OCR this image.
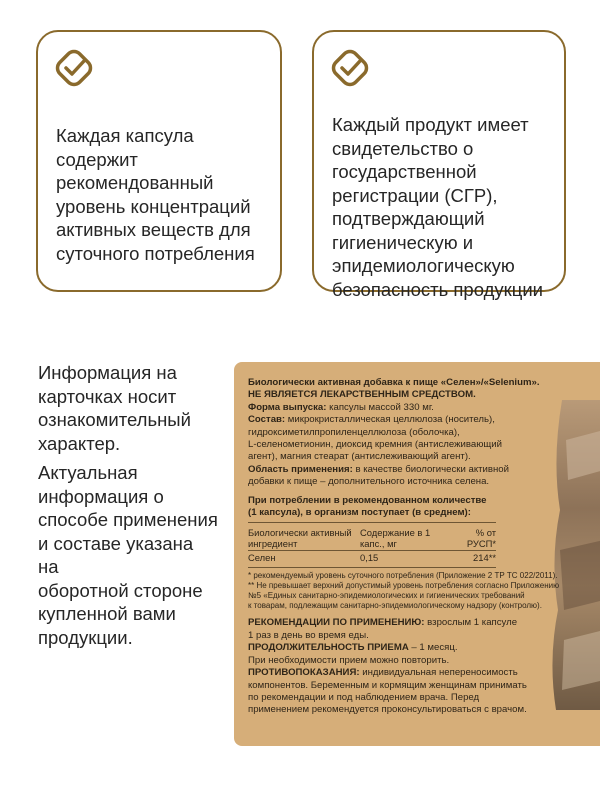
Каждая капсула
содержит
рекомендованный
уровень концентраций
активных веществ для
суточного потребления
Каждый продукт имеет
свидетельство о
государственной
регистрации (СГР),
подтверждающий
гигиеническую и
эпидемиологическую
безопасность продукции
Информация на
карточках носит
ознакомительный
характер.
Актуальная
информация о
способе применения
и составе указана на
оборотной стороне
купленной вами
продукции.
Биологически активная добавка к пище «Селен»/«Selenium».
НЕ ЯВЛЯЕТСЯ ЛЕКАРСТВЕННЫМ СРЕДСТВОМ.
Форма выпуска: капсулы массой 330 мг.
Состав: микрокристаллическая целлюлоза (носитель),
гидроксиметилпропиленцеллюлоза (оболочка),
L-селенометионин, диоксид кремния (антислеживающий
агент), магния стеарат (антислеживающий агент).
Область применения: в качестве биологически активной
добавки к пище – дополнительного источника селена.
При потреблении в рекомендованном количестве
(1 капсула), в организм поступает (в среднем):
Биологически активный ингредиент	Содержание в 1 капс., мг	% от РУСП*
Селен	0,15	214**
* рекомендуемый уровень суточного потребления (Приложение 2 ТР ТС 022/2011).
** Не превышает верхний допустимый уровень потребления согласно Приложению
№5 «Единых санитарно-эпидемиологических и гигиенических требований
к товарам, подлежащим санитарно-эпидемиологическому надзору (контролю).
РЕКОМЕНДАЦИИ ПО ПРИМЕНЕНИЮ: взрослым 1 капсуле
1 раз в день во время еды.
ПРОДОЛЖИТЕЛЬНОСТЬ ПРИЕМА – 1 месяц.
При необходимости прием можно повторить.
ПРОТИВОПОКАЗАНИЯ: индивидуальная непереносимость
компонентов. Беременным и кормящим женщинам принимать
по рекомендации и под наблюдением врача. Перед
применением рекомендуется проконсультироваться с врачом.
